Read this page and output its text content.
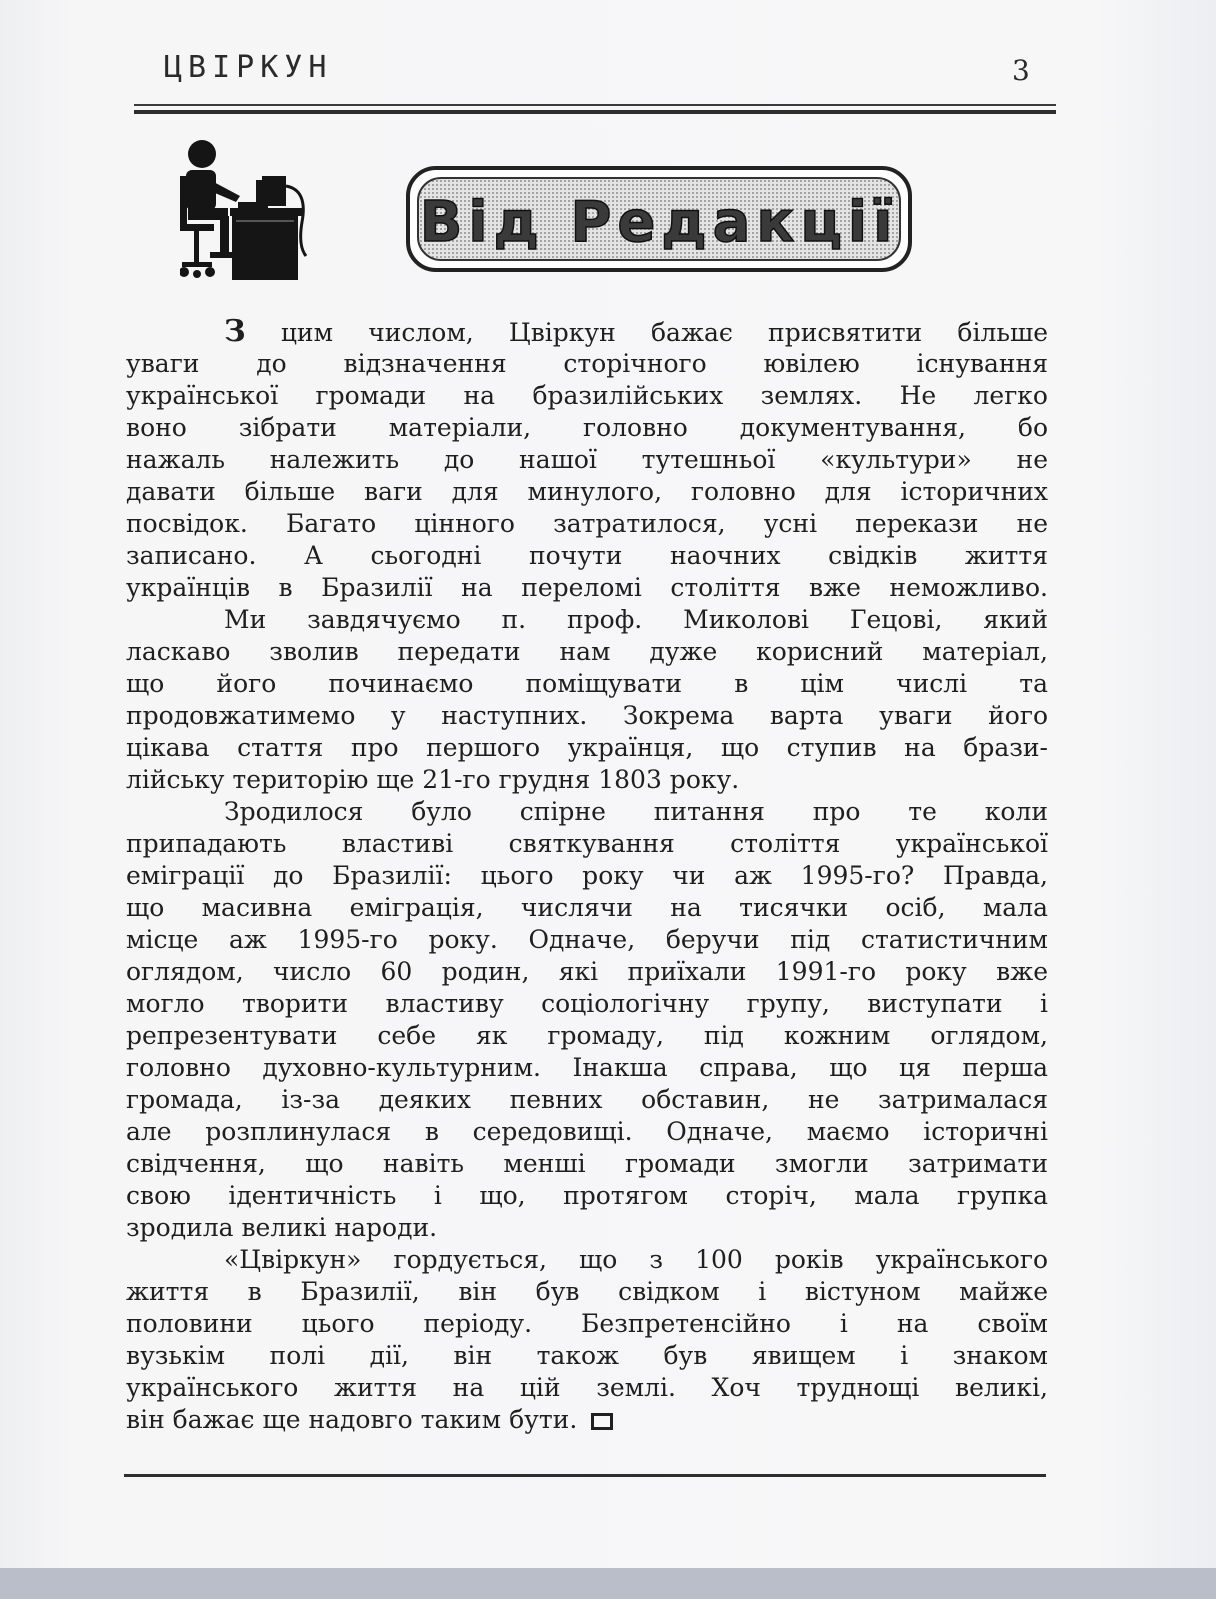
ЦВІРКУН	3
Від Редакції
З цим числом, Цвіркун бажає присвятити більше
уваги до відзначення сторічного ювілею існування
української громади на бразилійських землях. Не легко
воно зібрати матеріали, головно документування, бо
нажаль належить до нашої тутешньої «культури» не
давати більше ваги для минулого, головно для історичних
посвідок. Багато цінного затратилося, усні перекази не
записано. А сьогодні почути наочних свідків життя
українців в Бразилії на переломі століття вже неможливо.
Ми завдячуємо п. проф. Миколові Гецові, який
ласкаво зволив передати нам дуже корисний матеріал,
що його починаємо поміщувати в цім числі та
продовжатимемо у наступних. Зокрема варта уваги його
цікава стаття про першого українця, що ступив на брази-
лійську територію ще 21-го грудня 1803 року.
Зродилося було спірне питання про те коли
припадають властиві святкування століття української
еміграції до Бразилії: цього року чи аж 1995-го? Правда,
що масивна еміграція, числячи на тисячки осіб, мала
місце аж 1995-го року. Одначе, беручи під статистичним
оглядом, число 60 родин, які приїхали 1991-го року вже
могло творити властиву соціологічну групу, виступати і
репрезентувати себе як громаду, під кожним оглядом,
головно духовно-культурним. Інакша справа, що ця перша
громада, із-за деяких певних обставин, не затрималася
але розплинулася в середовищі. Одначе, маємо історичні
свідчення, що навіть менші громади змогли затримати
свою ідентичність і що, протягом сторіч, мала групка
зродила великі народи.
«Цвіркун» гордується, що з 100 років українського
життя в Бразилії, він був свідком і вістуном майже
половини цього періоду. Безпретенсійно і на своїм
вузькім полі дії, він також був явищем і знаком
українського життя на цій землі. Хоч труднощі великі,
він бажає ще надовго таким бути.
